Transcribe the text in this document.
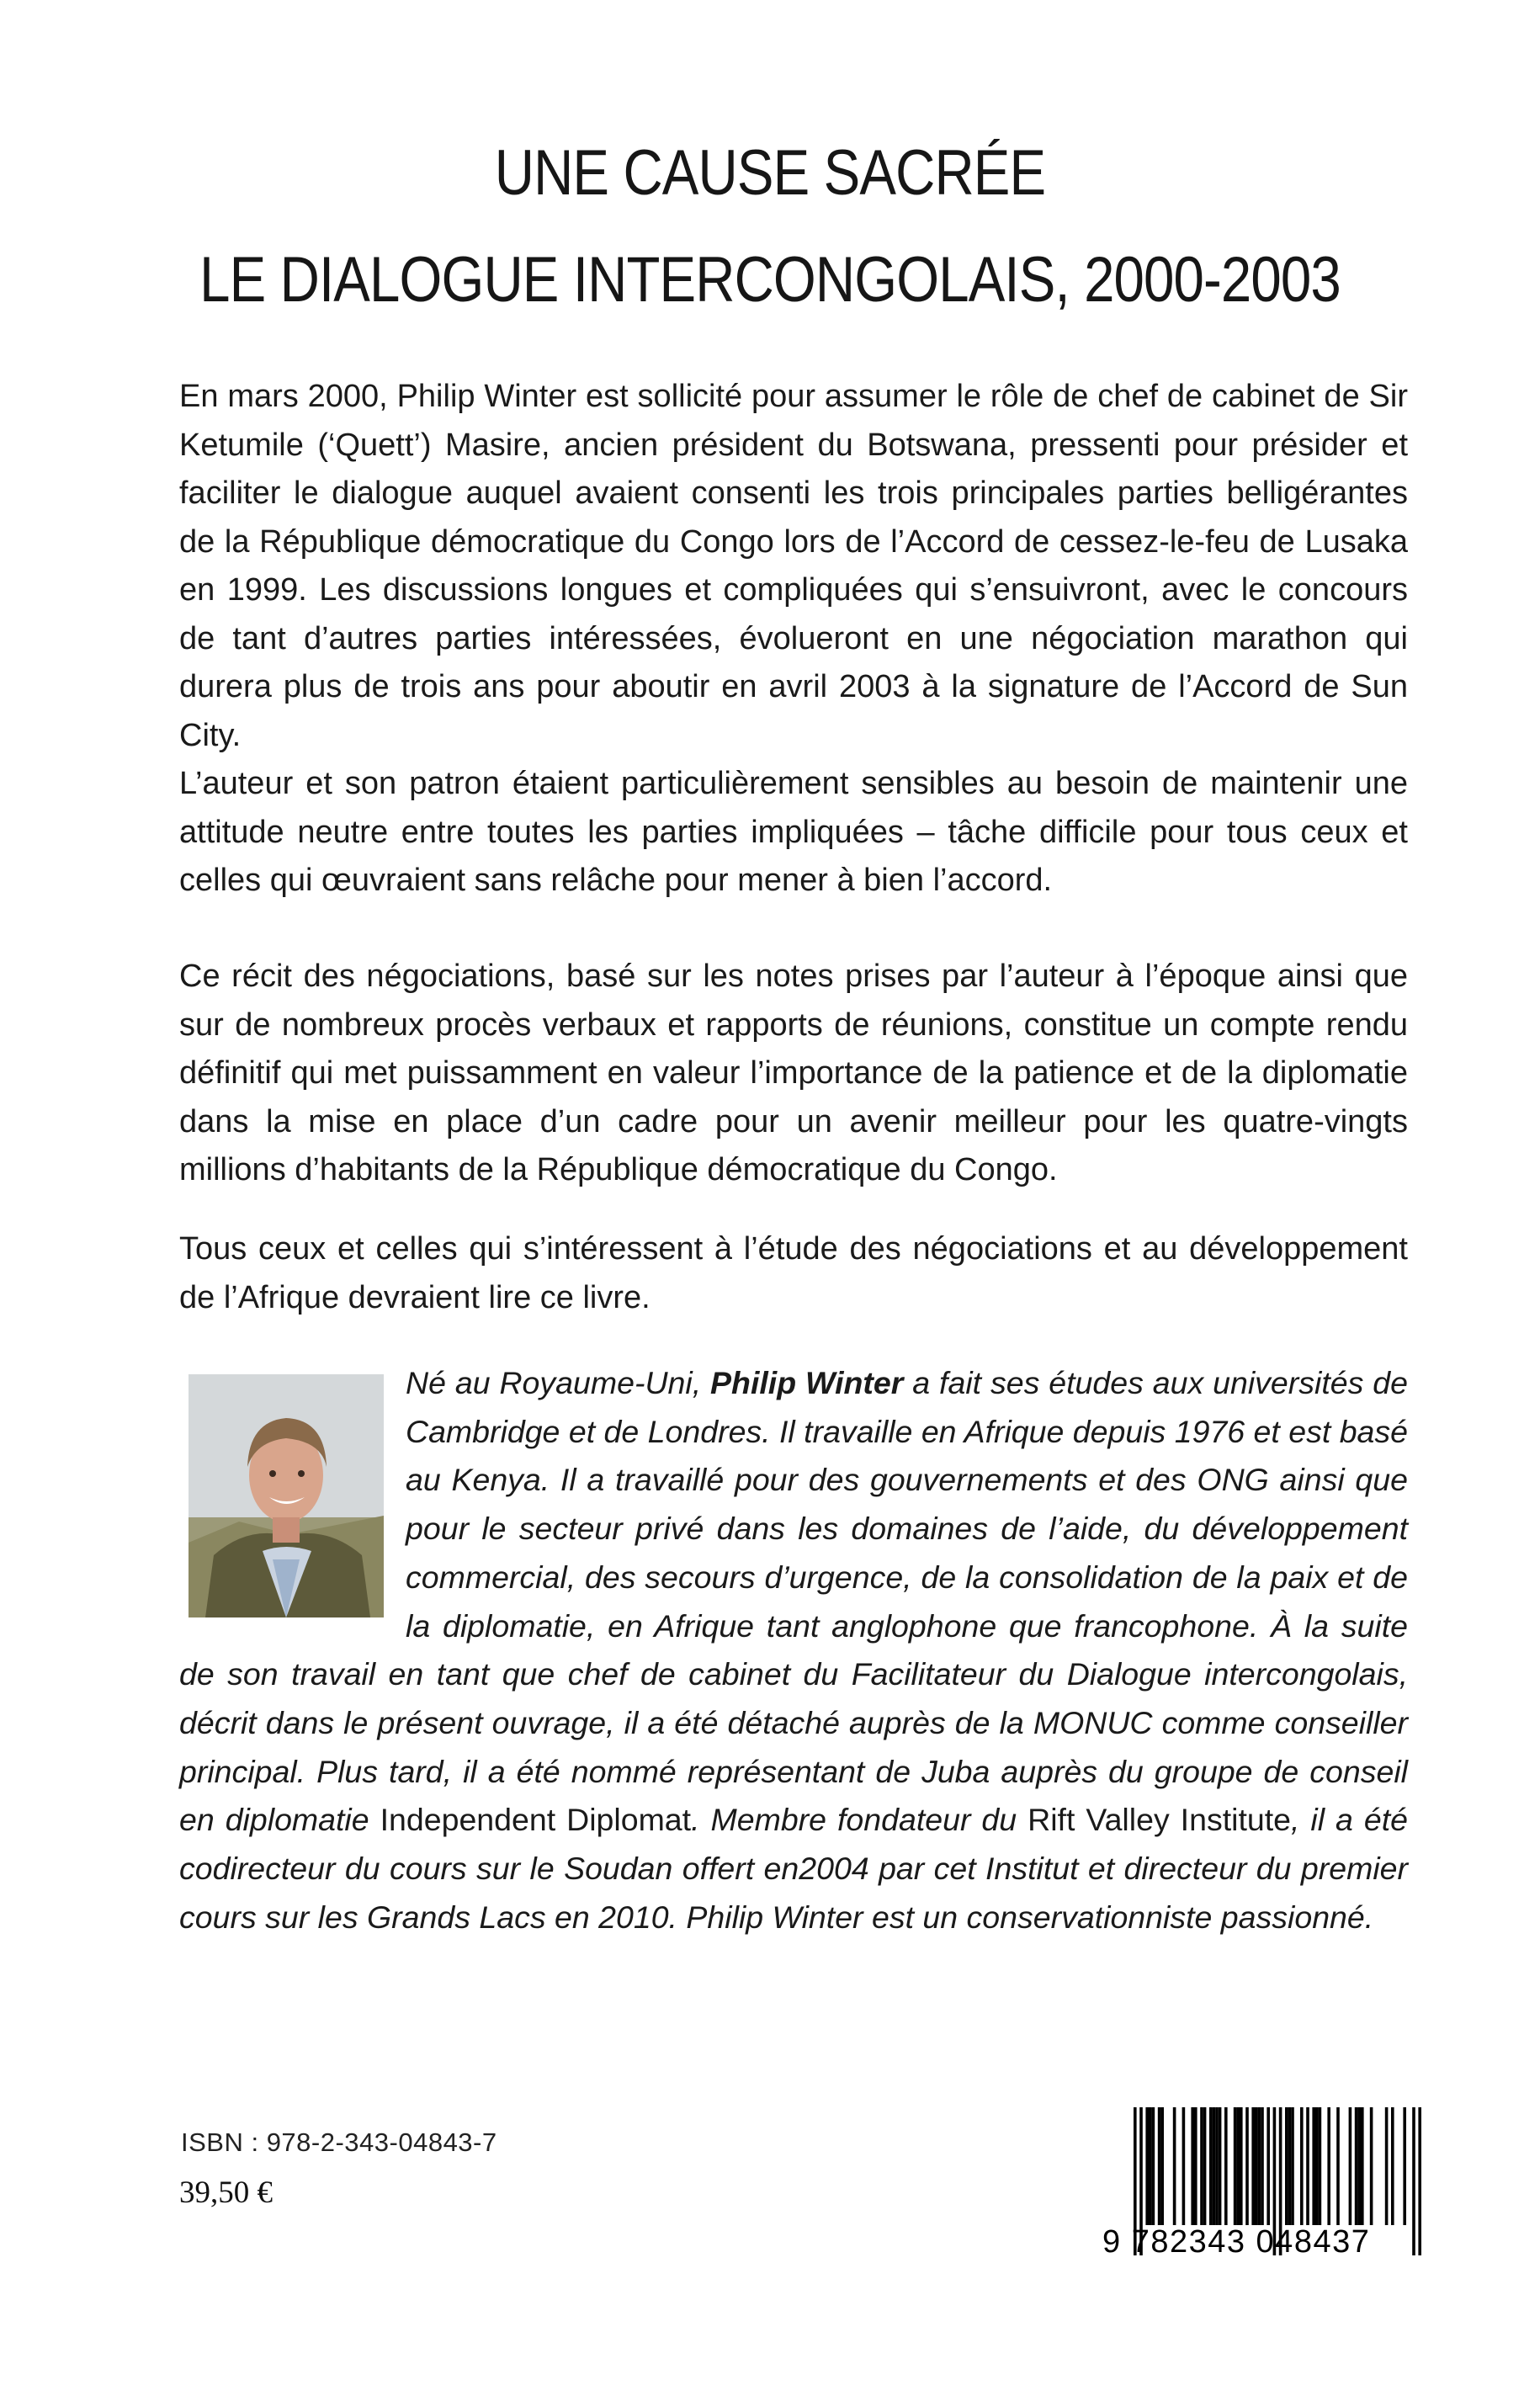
UNE CAUSE SACRÉE
LE DIALOGUE INTERCONGOLAIS, 2000-2003

En mars 2000, Philip Winter est sollicité pour assumer le rôle de chef de cabinet de Sir Ketumile (‘Quett’) Masire, ancien président du Botswana, pressenti pour présider et faciliter le dialogue auquel avaient consenti les trois principales parties belligérantes de la République démocratique du Congo lors de l’Accord de cessez-le-feu de Lusaka en 1999. Les discussions longues et compliquées qui s’ensuivront, avec le concours de tant d’autres parties intéressées, évolueront en une négociation marathon qui durera plus de trois ans pour aboutir en avril 2003 à la signature de l’Accord de Sun City.

L’auteur et son patron étaient particulièrement sensibles au besoin de maintenir une attitude neutre entre toutes les parties impliquées – tâche difficile pour tous ceux et celles qui œuvraient sans relâche pour mener à bien l’accord.

Ce récit des négociations, basé sur les notes prises par l’auteur à l’époque ainsi que sur de nombreux procès verbaux et rapports de réunions, constitue un compte rendu définitif qui met puissamment en valeur l’importance de la patience et de la diplomatie dans la mise en place d’un cadre pour un avenir meilleur pour les quatre-vingts millions d’habitants de la République démocratique du Congo.

Tous ceux et celles qui s’intéressent à l’étude des négociations et au développement de l’Afrique devraient lire ce livre.

Né au Royaume-Uni, Philip Winter a fait ses études aux universités de Cambridge et de Londres. Il travaille en Afrique depuis 1976 et est basé au Kenya. Il a travaillé pour des gouvernements et des ONG ainsi que pour le secteur privé dans les domaines de l’aide, du développement commercial, des secours d’urgence, de la consolidation de la paix et de la diplomatie, en Afrique tant anglophone que francophone. À la suite de son travail en tant que chef de cabinet du Facilitateur du Dialogue intercongolais, décrit dans le présent ouvrage, il a été détaché auprès de la MONUC comme conseiller principal. Plus tard, il a été nommé représentant de Juba auprès du groupe de conseil en diplomatie Independent Diplomat. Membre fondateur du Rift Valley Institute, il a été codirecteur du cours sur le Soudan offert en2004 par cet Institut et directeur du premier cours sur les Grands Lacs en 2010. Philip Winter est un conservationniste passionné.

ISBN : 978-2-343-04843-7
39,50 €
9 782343 048437
